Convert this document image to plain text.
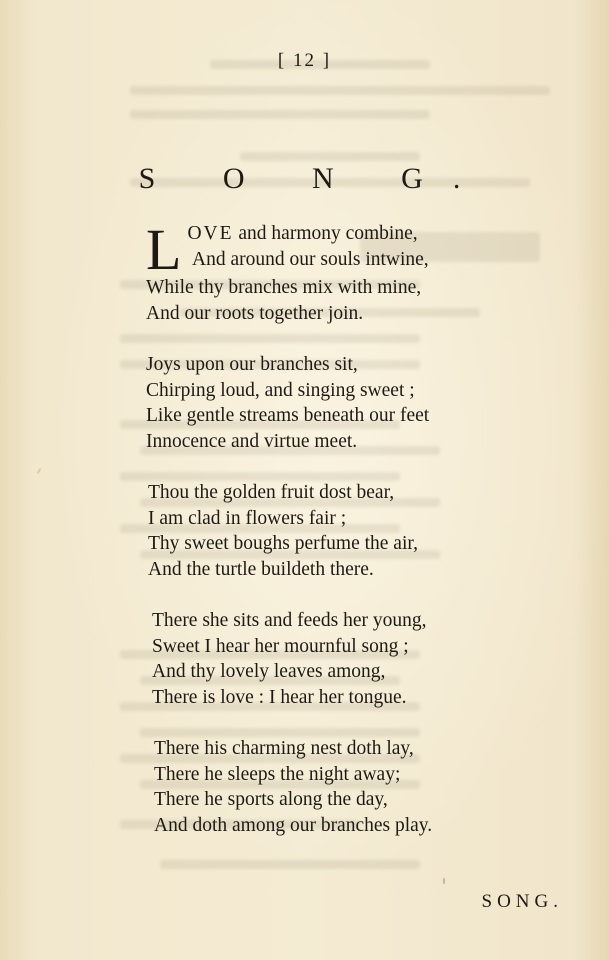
[ 12 ]
S O N G.
LOVE and harmony combine,
And around our souls intwine,
While thy branches mix with mine,
And our roots together join.
Joys upon our branches sit,
Chirping loud, and singing sweet ;
Like gentle streams beneath our feet
Innocence and virtue meet.
Thou the golden fruit dost bear,
I am clad in flowers fair ;
Thy sweet boughs perfume the air,
And the turtle buildeth there.
There she sits and feeds her young,
Sweet I hear her mournful song ;
And thy lovely leaves among,
There is love : I hear her tongue.
There his charming nest doth lay,
There he sleeps the night away;
There he sports along the day,
And doth among our branches play.
SONG.
